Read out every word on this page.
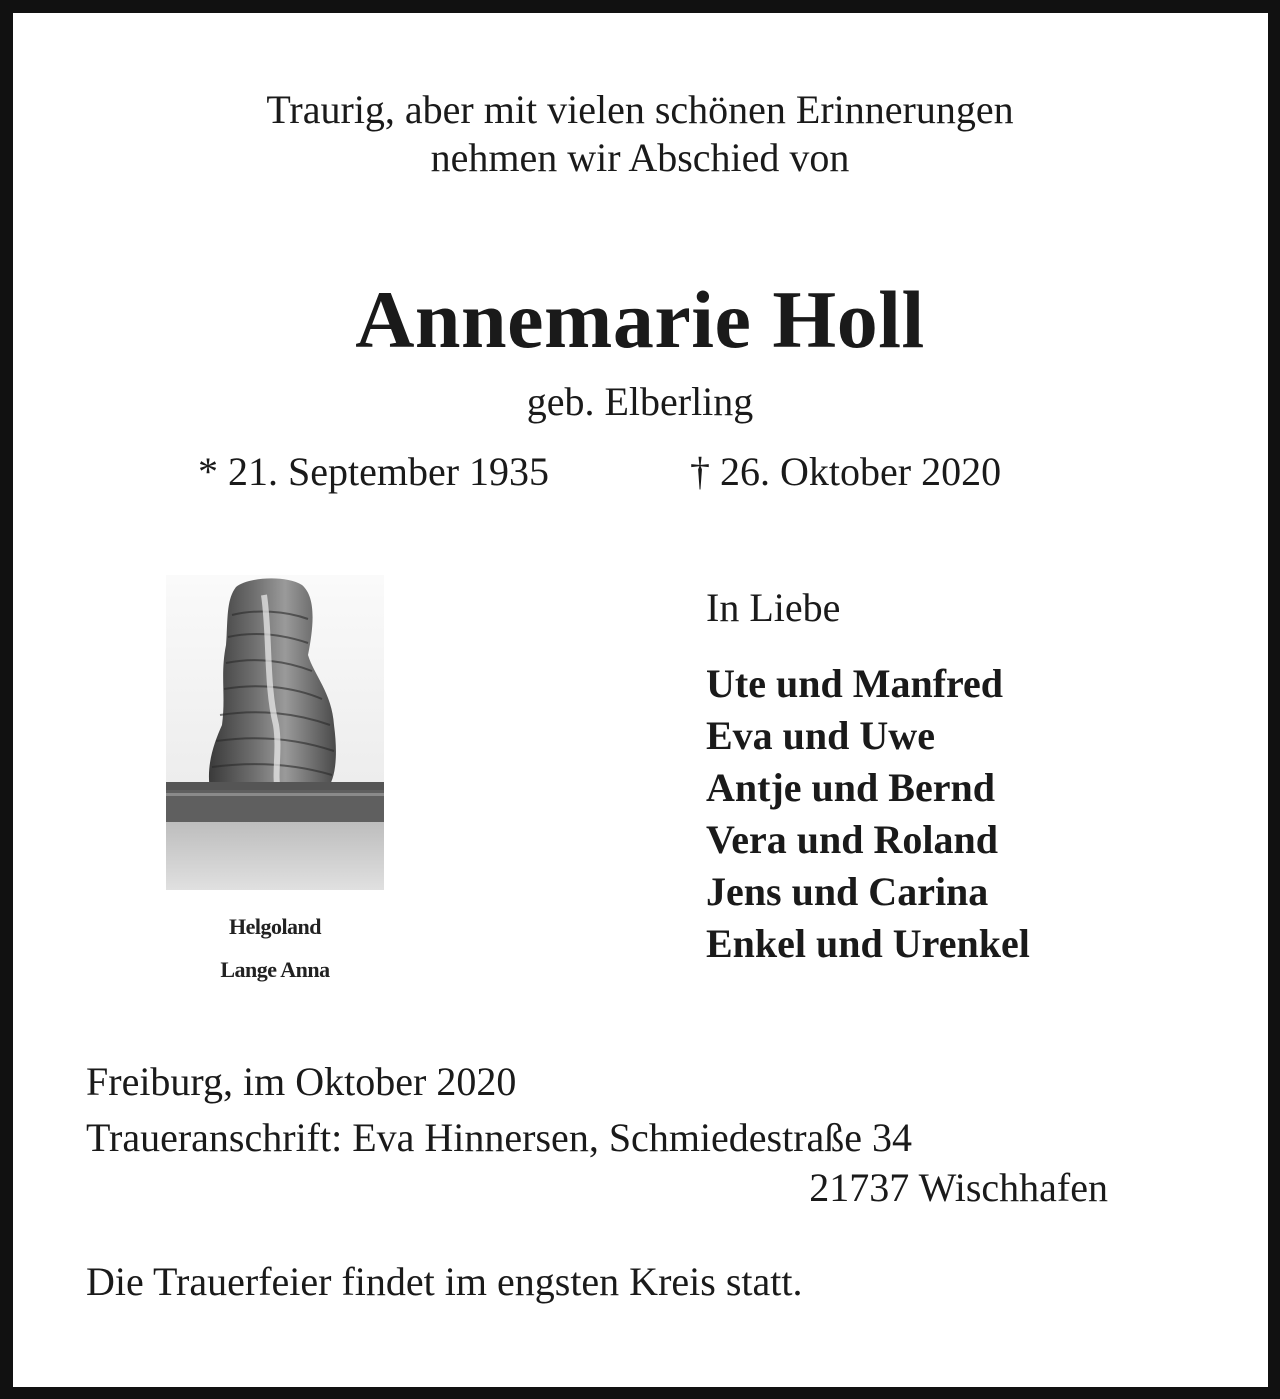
Traurig, aber mit vielen schönen Erinnerungen
nehmen wir Abschied von
Annemarie Holl
geb. Elberling
* 21. September 1935	† 26. Oktober 2020
Helgoland
Lange Anna
In Liebe
Ute und Manfred
Eva und Uwe
Antje und Bernd
Vera und Roland
Jens und Carina
Enkel und Urenkel
Freiburg, im Oktober 2020
Traueranschrift: Eva Hinnersen, Schmiedestraße 34
21737 Wischhafen
Die Trauerfeier findet im engsten Kreis statt.
